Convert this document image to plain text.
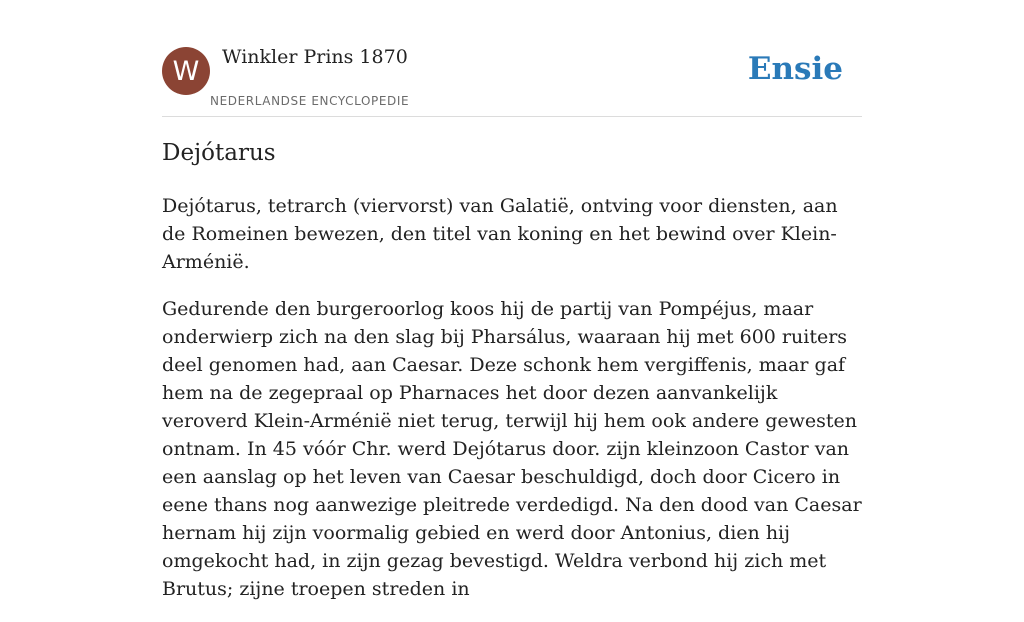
W	Winkler Prins 1870
NEDERLANDSE ENCYCLOPEDIE
Ensie
Dejótarus

Dejótarus, tetrarch (viervorst) van Galatië, ontving voor diensten, aan de Romeinen bewezen, den titel van koning en het bewind over Klein-Arménië.

Gedurende den burgeroorlog koos hij de partij van Pompéjus, maar onderwierp zich na den slag bij Pharsálus, waaraan hij met 600 ruiters deel genomen had, aan Caesar. Deze schonk hem vergiffenis, maar gaf hem na de zegepraal op Pharnaces het door dezen aanvankelijk veroverd Klein-Arménië niet terug, terwijl hij hem ook andere gewesten ontnam. In 45 vóór Chr. werd Dejótarus door. zijn kleinzoon Castor van een aanslag op het leven van Caesar beschuldigd, doch door Cicero in eene thans nog aanwezige pleitrede verdedigd. Na den dood van Caesar hernam hij zijn voormalig gebied en werd door Antonius, dien hij omgekocht had, in zijn gezag bevestigd. Weldra verbond hij zich met Brutus; zijne troepen streden in
